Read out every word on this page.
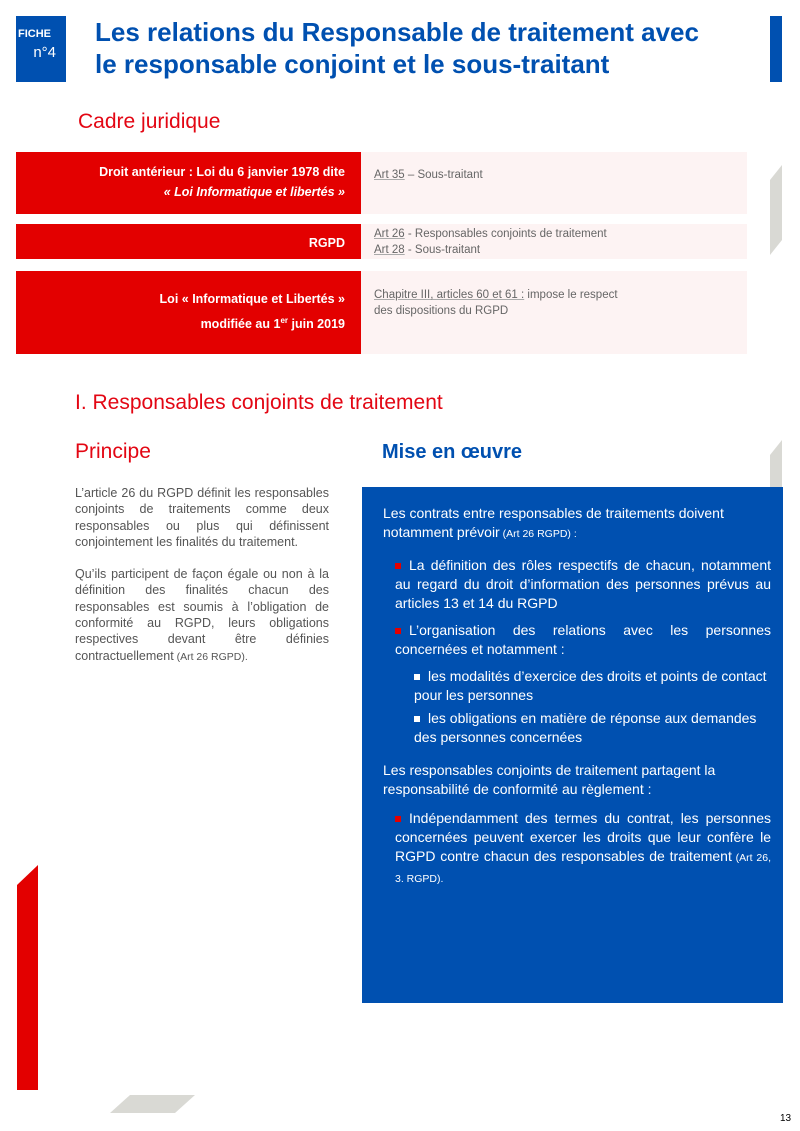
FICHE
n°4
Les relations du Responsable de traitement avec
le responsable conjoint et le sous-traitant
Cadre juridique
Droit antérieur : Loi du 6 janvier 1978 dite
« Loi Informatique et libertés »
Art 35 – Sous-traitant
RGPD
Art 26 - Responsables conjoints de traitement
Art 28 - Sous-traitant
Loi « Informatique et Libertés »
modifiée au 1er juin 2019
Chapitre III, articles 60 et 61 : impose le respect des dispositions du RGPD
I. Responsables conjoints de traitement
Principe	Mise en œuvre

L’article 26 du RGPD définit les responsables conjoints de traitements comme deux responsables ou plus qui définissent conjointement les finalités du traitement.

Qu’ils participent de façon égale ou non à la définition des finalités chacun des responsables est soumis à l’obligation de conformité au RGPD, leurs obligations respectives devant être définies contractuellement (Art 26 RGPD).

Les contrats entre responsables de traitements doivent notamment prévoir (Art 26 RGPD) :

La définition des rôles respectifs de chacun, notamment au regard du droit d’information des personnes prévus au articles 13 et 14 du RGPD
L’organisation des relations avec les personnes concernées et notamment :
les modalités d’exercice des droits et points de contact pour les personnes
les obligations en matière de réponse aux demandes des personnes concernées

Les responsables conjoints de traitement partagent la responsabilité de conformité au règlement :

Indépendamment des termes du contrat, les personnes concernées peuvent exercer les droits que leur confère le RGPD contre chacun des responsables de traitement (Art 26, 3. RGPD).
13
